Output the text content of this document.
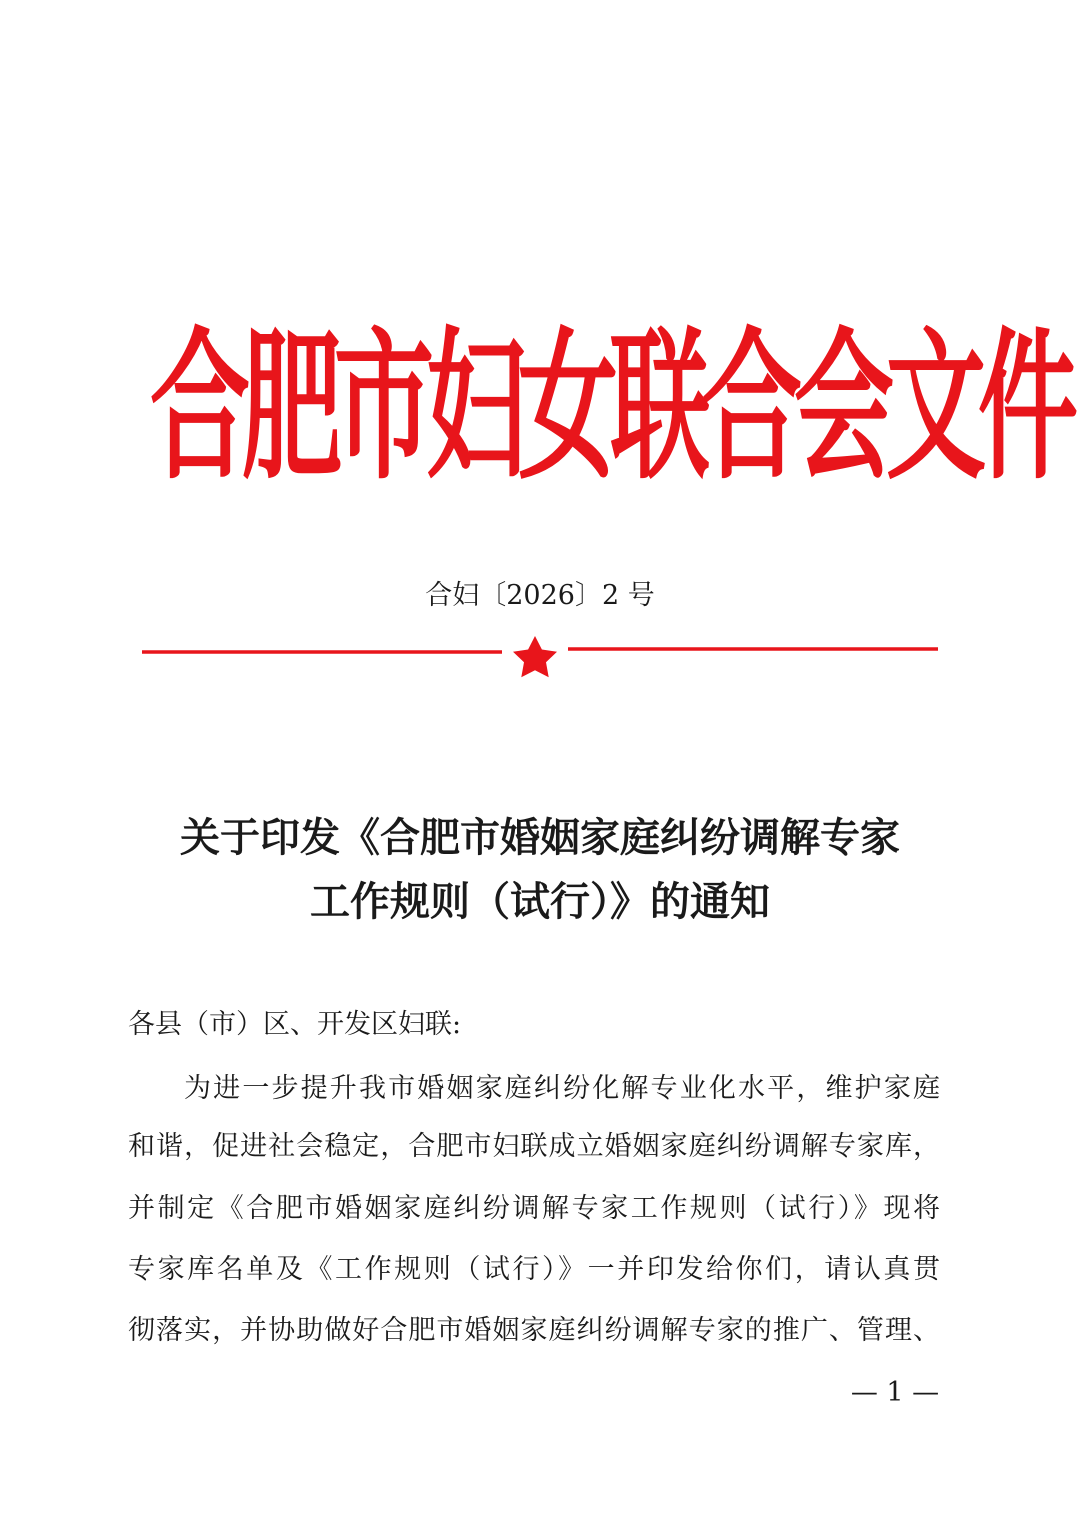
合肥市妇女联合会文件
合妇〔2026〕2 号
关于印发《合肥市婚姻家庭纠纷调解专家
工作规则（试行）》的通知
各县（市）区、开发区妇联:
为进一步提升我市婚姻家庭纠纷化解专业化水平，维护家庭
和谐，促进社会稳定，合肥市妇联成立婚姻家庭纠纷调解专家库，
并制定《合肥市婚姻家庭纠纷调解专家工作规则（试行）》现将
专家库名单及《工作规则（试行）》一并印发给你们，请认真贯
彻落实，并协助做好合肥市婚姻家庭纠纷调解专家的推广、管理、
— 1 —
